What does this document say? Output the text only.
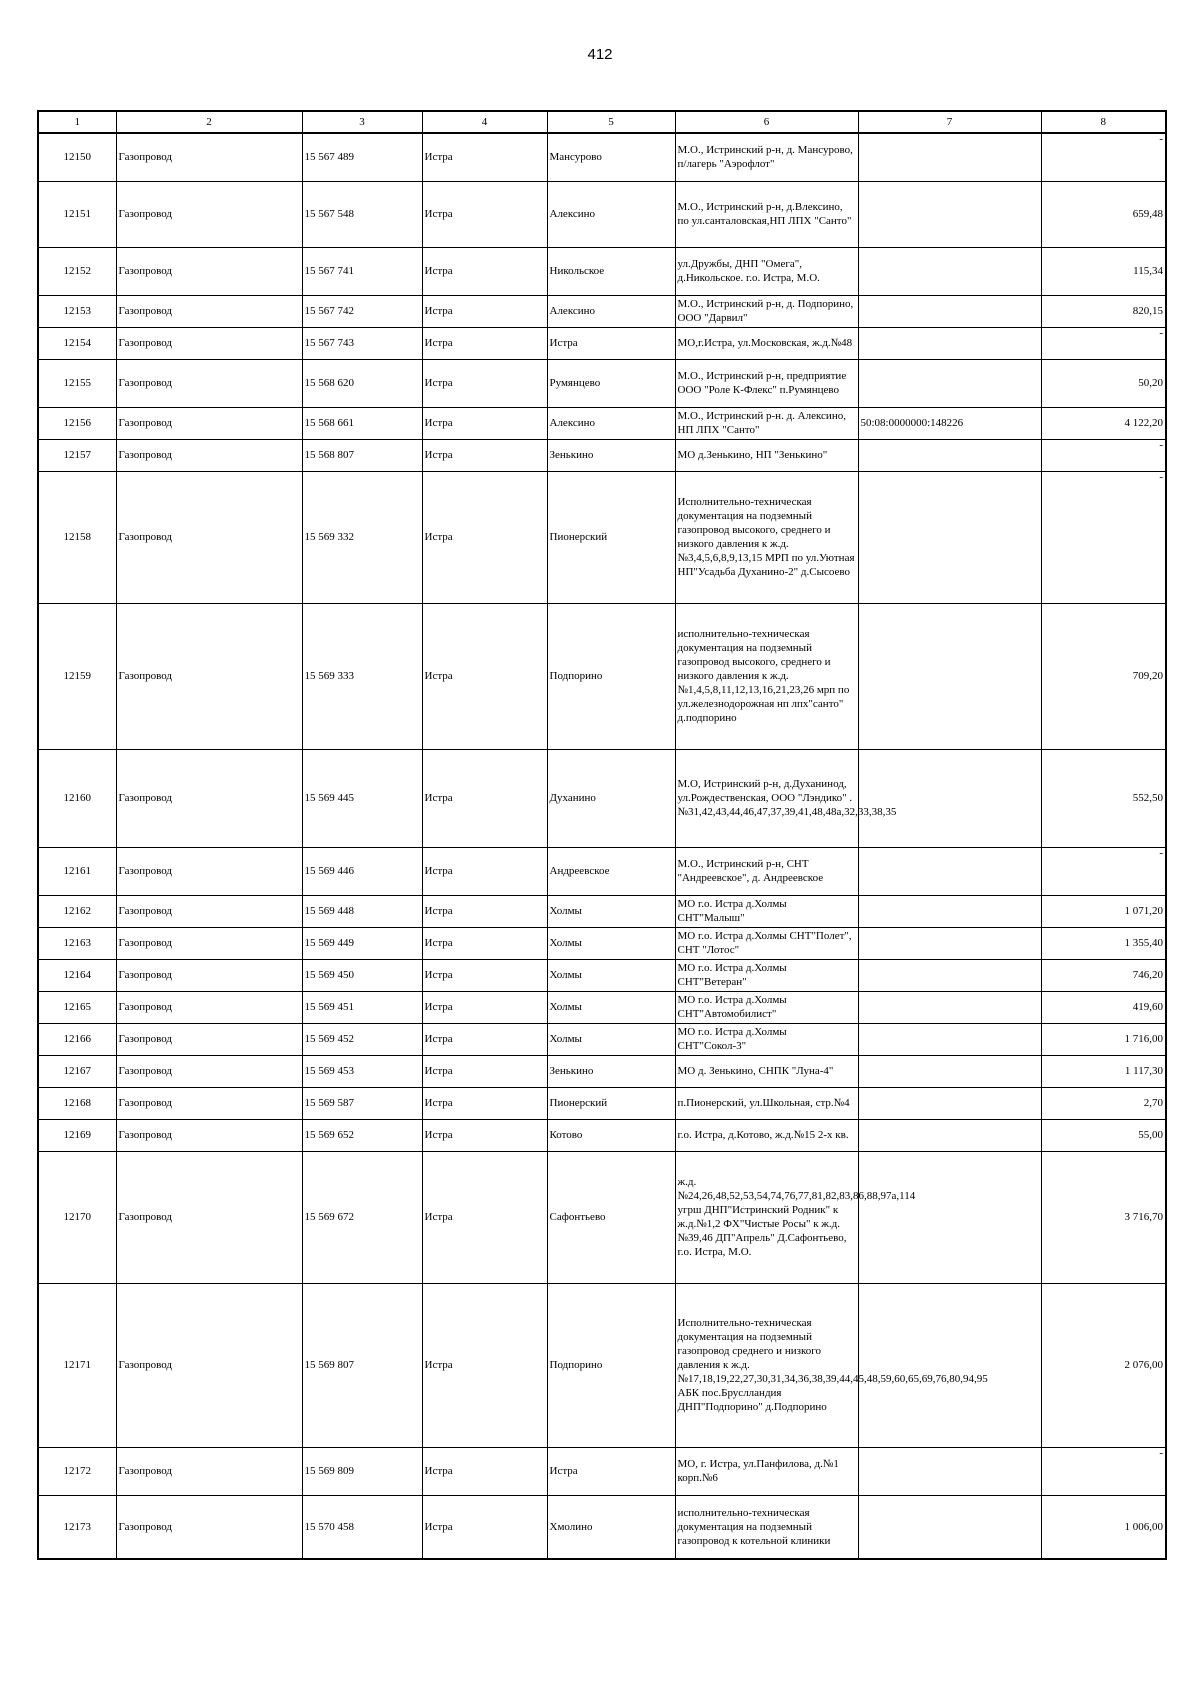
412
1	2	3	4	5	6	7	8
12150	Газопровод	15 567 489	Истра	Мансурово	М.О., Истринский р-н, д. Мансурово, п/лагерь "Аэрофлот"		-
12151	Газопровод	15 567 548	Истра	Алексино	М.О., Истринский р-н, д.Влексино, по ул.санталовская,НП ЛПХ "Санто"		659,48
12152	Газопровод	15 567 741	Истра	Никольское	ул.Дружбы, ДНП "Омега", д.Никольское. г.о. Истра, М.О.		115,34
12153	Газопровод	15 567 742	Истра	Алексино	М.О., Истринский р-н, д. Подпорино, ООО "Дарвил"		820,15
12154	Газопровод	15 567 743	Истра	Истра	МО,г.Истра, ул.Московская, ж.д.№48		-
12155	Газопровод	15 568 620	Истра	Румянцево	М.О., Истринский р-н, предприятие ООО "Роле К-Флекс" п.Румянцево		50,20
12156	Газопровод	15 568 661	Истра	Алексино	М.О., Истринский р-н. д. Алексино, НП ЛПХ "Санто"	50:08:0000000:148226	4 122,20
12157	Газопровод	15 568 807	Истра	Зенькино	МО д.Зенькино, НП "Зенькино"		-
12158	Газопровод	15 569 332	Истра	Пионерский	Исполнительно-техническая документация на подземный газопровод высокого, среднего и низкого давления к ж.д.№3,4,5,6,8,9,13,15 МРП по ул.Уютная НП"Усадьба Духанино-2" д.Сысоево		-
12159	Газопровод	15 569 333	Истра	Подпорино	исполнительно-техническая документация на подземный газопровод высокого, среднего и низкого давления к ж.д.№1,4,5,8,11,12,13,16,21,23,26 мрп по ул.железнодорожная нп лпх"санто" д.подпорино		709,20
12160	Газопровод	15 569 445	Истра	Духанино	М.О, Истринский р-н, д.Духанинод, ул.Рождественская, ООО "Лэндико" . №31,42,43,44,46,47,37,39,41,48,48а,32,33,38,35		552,50
12161	Газопровод	15 569 446	Истра	Андреевское	М.О., Истринский р-н, СНТ "Андреевское", д. Андреевское		-
12162	Газопровод	15 569 448	Истра	Холмы	МО г.о. Истра д.Холмы СНТ"Малыш"		1 071,20
12163	Газопровод	15 569 449	Истра	Холмы	МО г.о. Истра д.Холмы СНТ"Полет", СНТ "Лотос"		1 355,40
12164	Газопровод	15 569 450	Истра	Холмы	МО г.о. Истра д.Холмы СНТ"Ветеран"		746,20
12165	Газопровод	15 569 451	Истра	Холмы	МО г.о. Истра д.Холмы СНТ"Автомобилист"		419,60
12166	Газопровод	15 569 452	Истра	Холмы	МО г.о. Истра д.Холмы СНТ"Сокол-3"		1 716,00
12167	Газопровод	15 569 453	Истра	Зенькино	МО д. Зенькино, СНПК "Луна-4"		1 117,30
12168	Газопровод	15 569 587	Истра	Пионерский	п.Пионерский, ул.Школьная, стр.№4		2,70
12169	Газопровод	15 569 652	Истра	Котово	г.о. Истра, д.Котово, ж.д.№15 2-х кв.		55,00
12170	Газопровод	15 569 672	Истра	Сафонтьево	ж.д.№24,26,48,52,53,54,74,76,77,81,82,83,86,88,97а,114 угрш ДНП"Истринский Родник" к ж.д.№1,2 ФХ"Чистые Росы" к ж.д.№39,46 ДП"Апрель" Д.Сафонтьево, г.о. Истра, М.О.		3 716,70
12171	Газопровод	15 569 807	Истра	Подпорино	Исполнительно-техническая документация на подземный газопровод среднего и низкого давления к ж.д.№17,18,19,22,27,30,31,34,36,38,39,44,45,48,59,60,65,69,76,80,94,95 АБК пос.Бруслландия ДНП"Подпорино" д.Подпорино		2 076,00
12172	Газопровод	15 569 809	Истра	Истра	МО, г. Истра, ул.Панфилова, д.№1 корп.№6		-
12173	Газопровод	15 570 458	Истра	Хмолино	исполнительно-техническая документация на подземный газопровод к котельной клиники		1 006,00
